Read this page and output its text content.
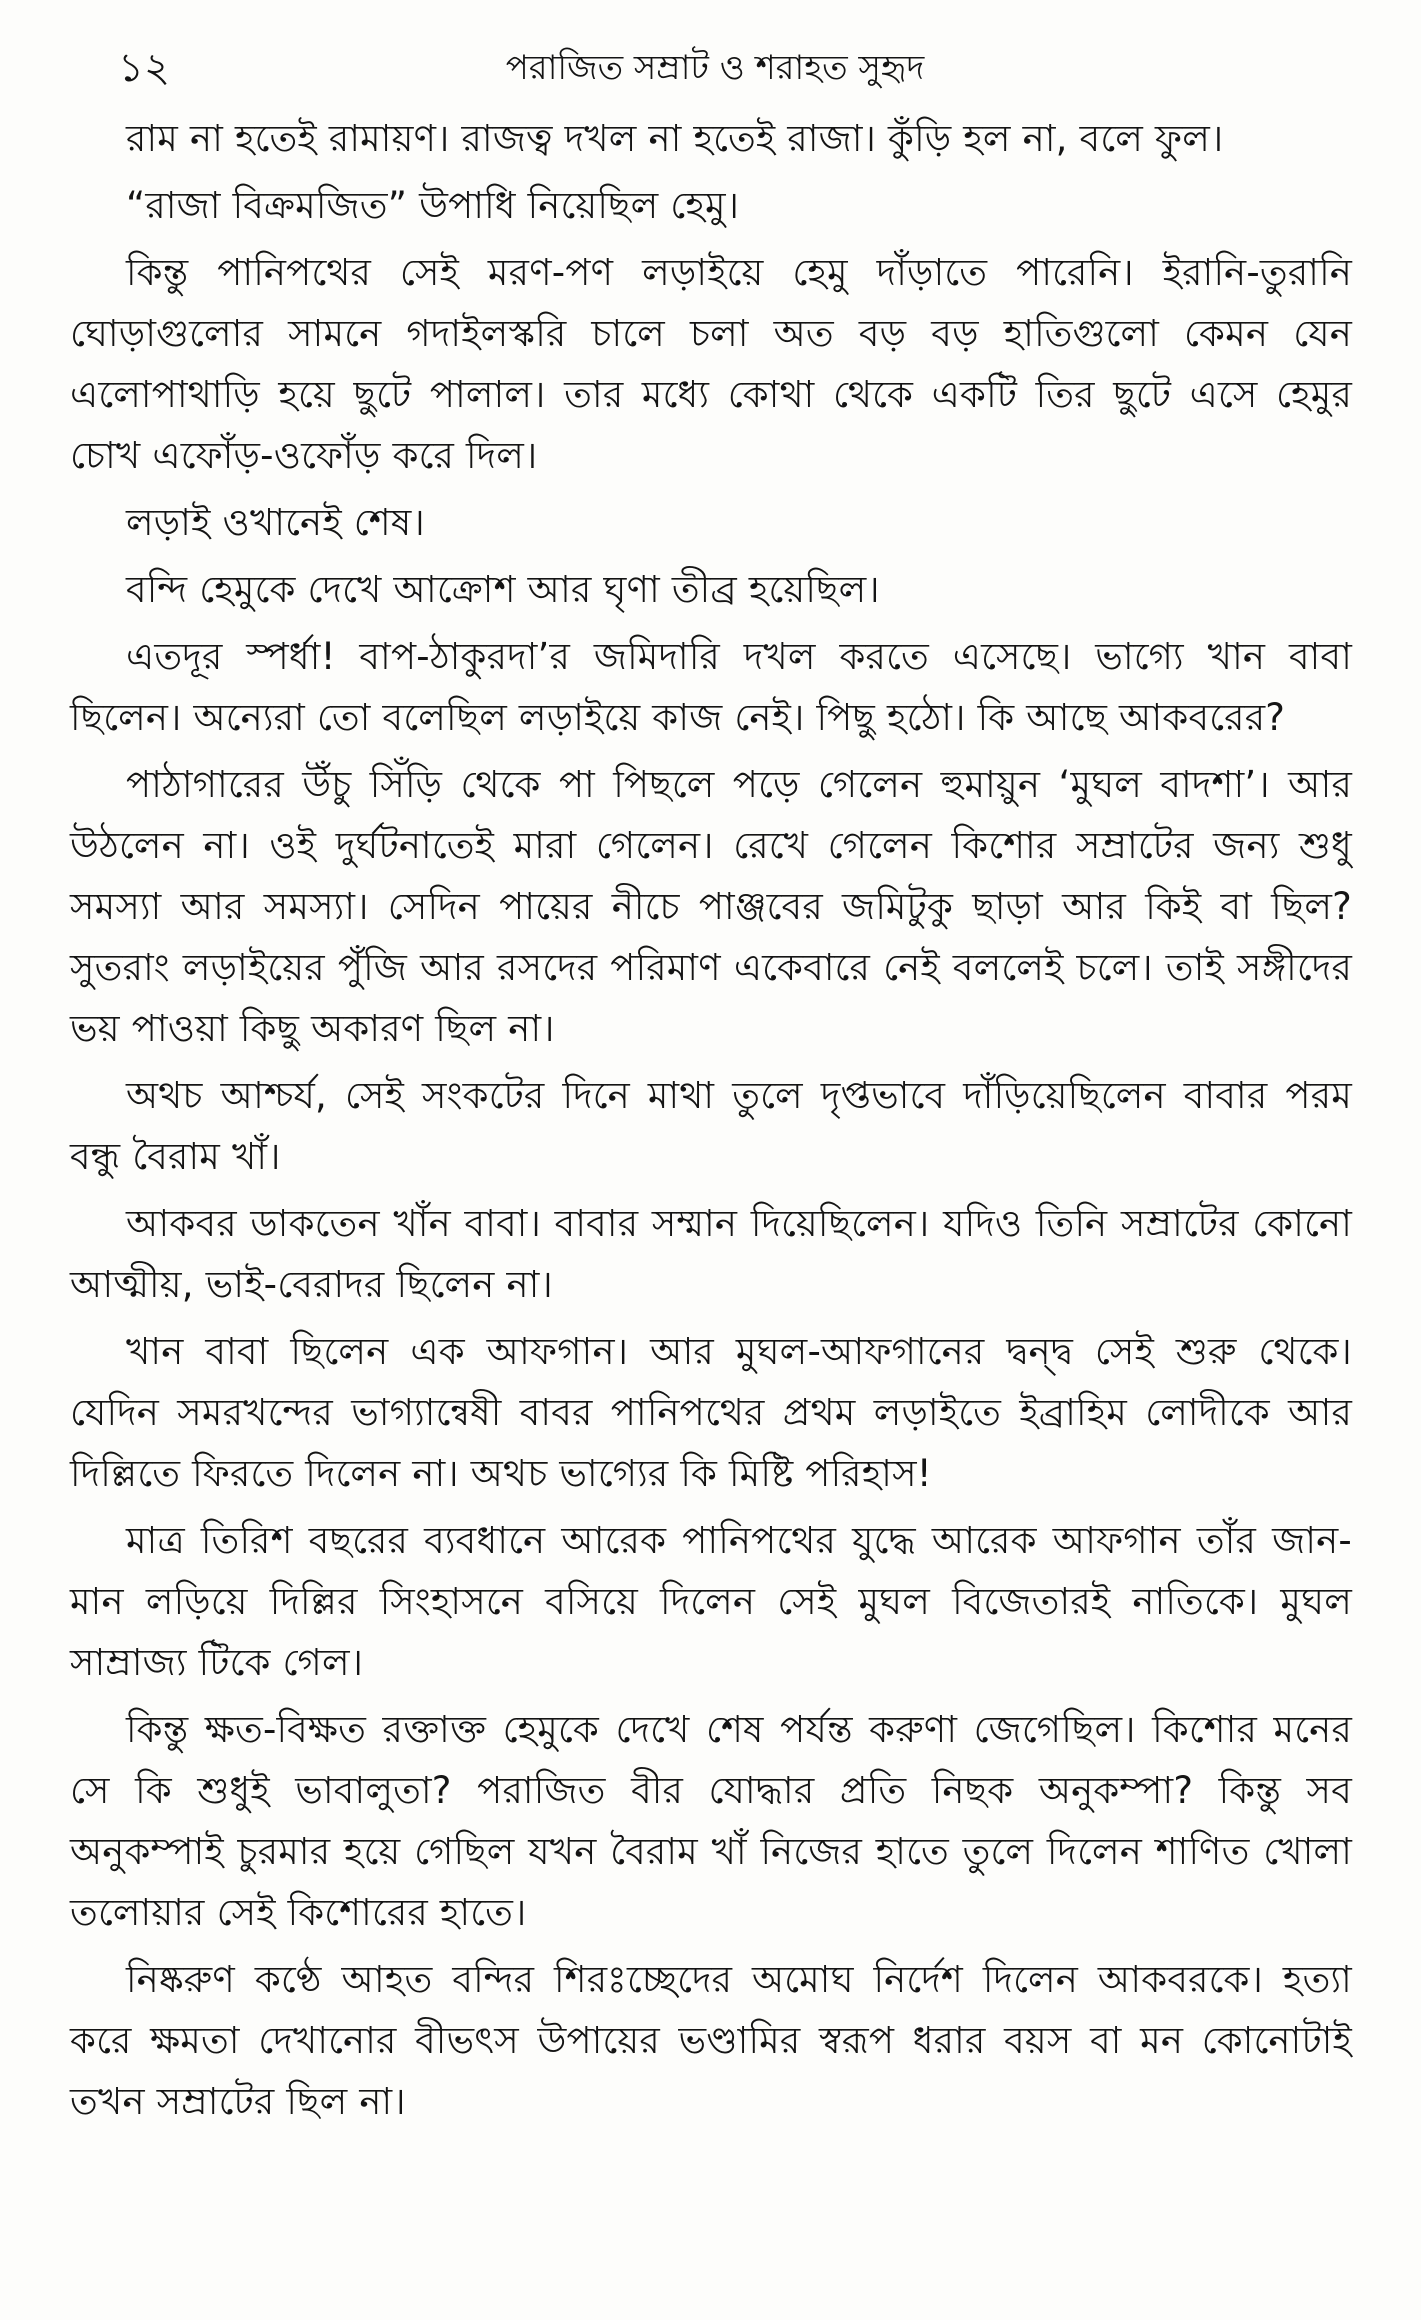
১২	পরাজিত সম্রাট ও শরাহত সুহৃদ

রাম না হতেই রামায়ণ। রাজত্ব দখল না হতেই রাজা। কুঁড়ি হল না, বলে ফুল।

“রাজা বিক্রমজিত” উপাধি নিয়েছিল হেমু।

কিন্তু পানিপথের সেই মরণ-পণ লড়াইয়ে হেমু দাঁড়াতে পারেনি। ইরানি-তুরানি ঘোড়াগুলোর সামনে গদাইলস্করি চালে চলা অত বড় বড় হাতিগুলো কেমন যেন এলোপাথাড়ি হয়ে ছুটে পালাল। তার মধ্যে কোথা থেকে একটি তির ছুটে এসে হেমুর চোখ এফোঁড়-ওফোঁড় করে দিল।

লড়াই ওখানেই শেষ।

বন্দি হেমুকে দেখে আক্রোশ আর ঘৃণা তীব্র হয়েছিল।

এতদূর স্পর্ধা! বাপ-ঠাকুরদা’র জমিদারি দখল করতে এসেছে। ভাগ্যে খান বাবা ছিলেন। অন্যেরা তো বলেছিল লড়াইয়ে কাজ নেই। পিছু হঠো। কি আছে আকবরের?

পাঠাগারের উঁচু সিঁড়ি থেকে পা পিছলে পড়ে গেলেন হুমায়ুন ‘মুঘল বাদশা’। আর উঠলেন না। ওই দুর্ঘটনাতেই মারা গেলেন। রেখে গেলেন কিশোর সম্রাটের জন্য শুধু সমস্যা আর সমস্যা। সেদিন পায়ের নীচে পাঞ্জবের জমিটুকু ছাড়া আর কিই বা ছিল? সুতরাং লড়াইয়ের পুঁজি আর রসদের পরিমাণ একেবারে নেই বললেই চলে। তাই সঙ্গীদের ভয় পাওয়া কিছু অকারণ ছিল না।

অথচ আশ্চর্য, সেই সংকটের দিনে মাথা তুলে দৃপ্তভাবে দাঁড়িয়েছিলেন বাবার পরম বন্ধু বৈরাম খাঁ।

আকবর ডাকতেন খাঁন বাবা। বাবার সম্মান দিয়েছিলেন। যদিও তিনি সম্রাটের কোনো আত্মীয়, ভাই-বেরাদর ছিলেন না।

খান বাবা ছিলেন এক আফগান। আর মুঘল-আফগানের দ্বন্দ্ব সেই শুরু থেকে। যেদিন সমরখন্দের ভাগ্যান্বেষী বাবর পানিপথের প্রথম লড়াইতে ইব্রাহিম লোদীকে আর দিল্লিতে ফিরতে দিলেন না। অথচ ভাগ্যের কি মিষ্টি পরিহাস!

মাত্র তিরিশ বছরের ব্যবধানে আরেক পানিপথের যুদ্ধে আরেক আফগান তাঁর জান-মান লড়িয়ে দিল্লির সিংহাসনে বসিয়ে দিলেন সেই মুঘল বিজেতারই নাতিকে। মুঘল সাম্রাজ্য টিকে গেল।

কিন্তু ক্ষত-বিক্ষত রক্তাক্ত হেমুকে দেখে শেষ পর্যন্ত করুণা জেগেছিল। কিশোর মনের সে কি শুধুই ভাবালুতা? পরাজিত বীর যোদ্ধার প্রতি নিছক অনুকম্পা? কিন্তু সব অনুকম্পাই চুরমার হয়ে গেছিল যখন বৈরাম খাঁ নিজের হাতে তুলে দিলেন শাণিত খোলা তলোয়ার সেই কিশোরের হাতে।

নিষ্করুণ কণ্ঠে আহত বন্দির শিরঃচ্ছেদের অমোঘ নির্দেশ দিলেন আকবরকে। হত্যা করে ক্ষমতা দেখানোর বীভৎস উপায়ের ভণ্ডামির স্বরূপ ধরার বয়স বা মন কোনোটাই তখন সম্রাটের ছিল না।
